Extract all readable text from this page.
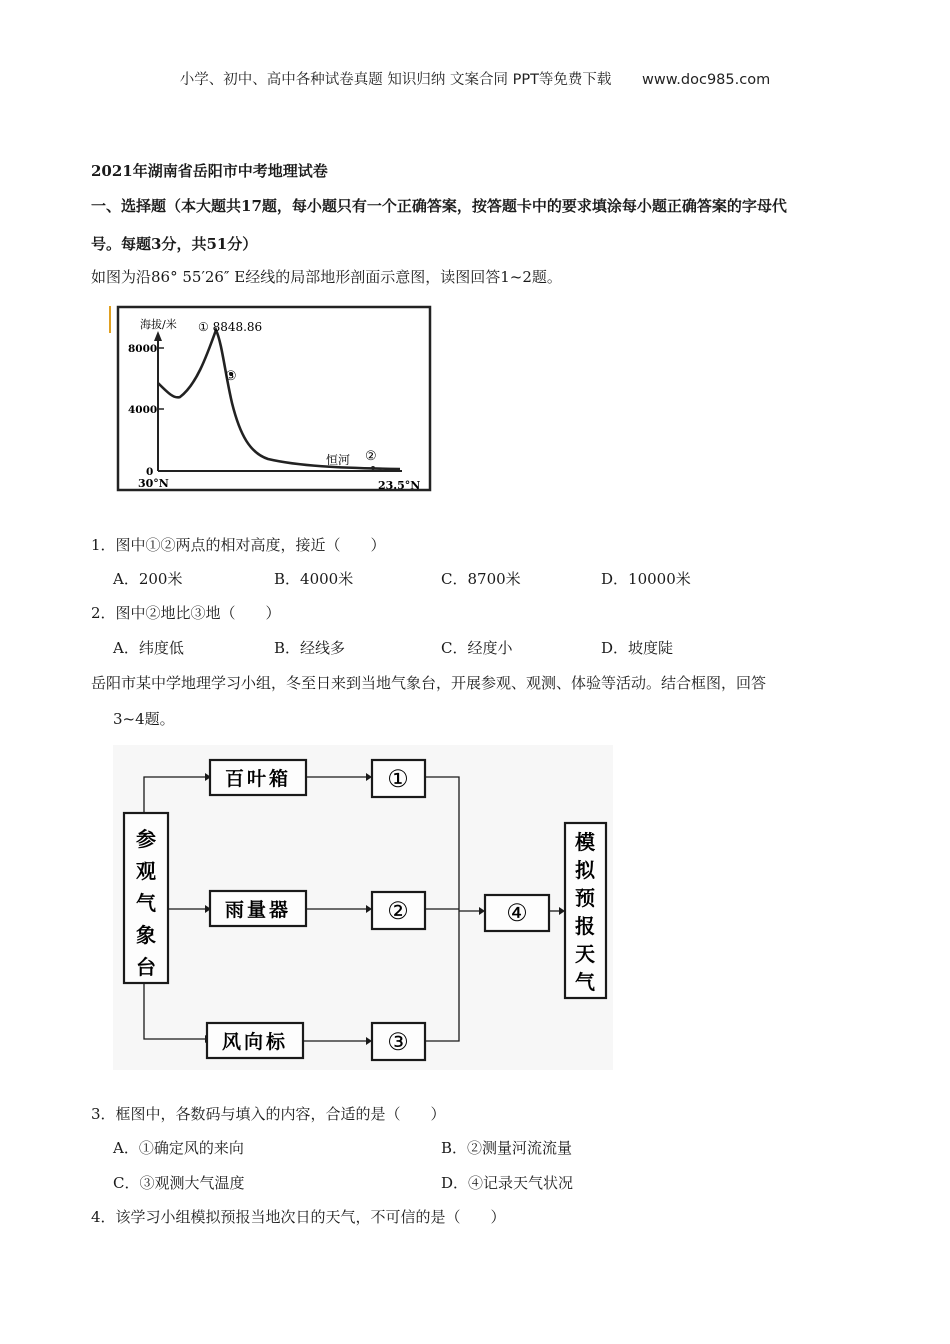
小学、初中、高中各种试卷真题 知识归纳 文案合同 PPT等免费下载 www.doc985.com
2021年湖南省岳阳市中考地理试卷
一、选择题（本大题共17题，每小题只有一个正确答案，按答题卡中的要求填涂每小题正确答案的字母代
号。每题3分，共51分）
如图为沿86° 55′26″ E经线的局部地形剖面示意图，读图回答1~2题。
海拔/米
8000
4000
0
① 8848.86
③
恒河 ②
30°N	23.5°N
1．图中①②两点的相对高度，接近（　　）
A．200米	B．4000米	C．8700米	D．10000米
2．图中②地比③地（　　）
A．纬度低	B．经线多	C．经度小	D．坡度陡
岳阳市某中学地理学习小组，冬至日来到当地气象台，开展参观、观测、体验等活动。结合框图，回答
3~4题。
参
观
气
象
台
百叶箱
雨量器
风向标
①
②
③
④
模
拟
预
报
天
气
3．框图中，各数码与填入的内容，合适的是（　　）
A．①确定风的来向	B．②测量河流流量
C．③观测大气温度	D．④记录天气状况
4．该学习小组模拟预报当地次日的天气，不可信的是（　　）
